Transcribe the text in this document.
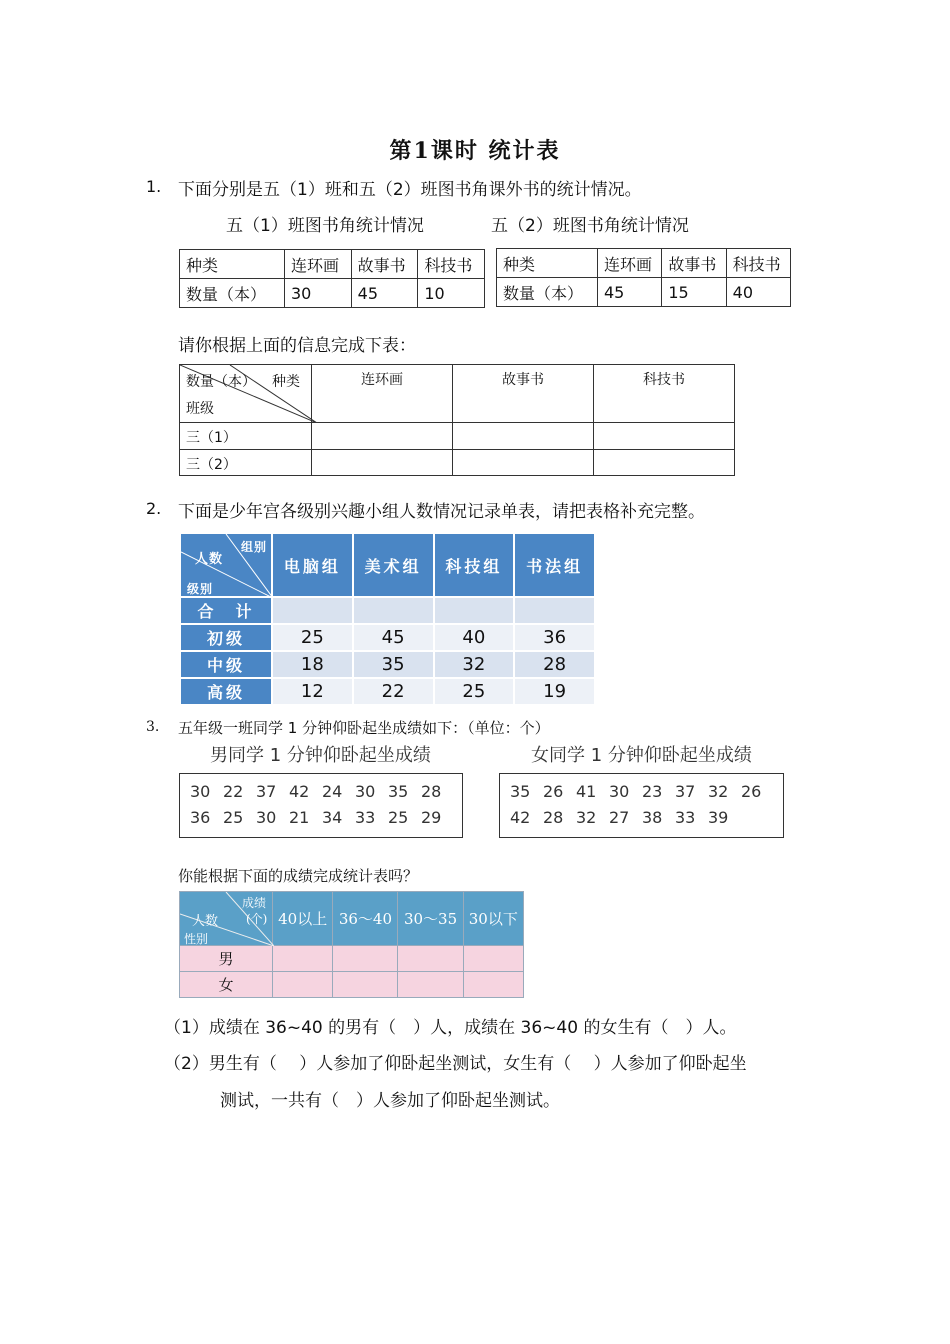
第1课时 统计表
1. 下面分别是五（1）班和五（2）班图书角课外书的统计情况。
五（1）班图书角统计情况	五（2）班图书角统计情况
种类	连环画	故事书	科技书
数量（本）	30	45	10
种类	连环画	故事书	科技书
数量（本）	45	15	40
请你根据上面的信息完成下表：
数量（本） 种类
班级	连环画	故事书	科技书
三（1）			
三（2）			
2. 下面是少年宫各级别兴趣小组人数情况记录单表，请把表格补充完整。
人数
组别
级别	电脑组	美术组	科技组	书法组
合　计				
初级	25	45	40	36
中级	18	35	32	28
高级	12	22	25	19
3. 五年级一班同学 1 分钟仰卧起坐成绩如下：（单位：个）
男同学 1 分钟仰卧起坐成绩	女同学 1 分钟仰卧起坐成绩
30 22 37 42 24 30 35 28
36 25 30 21 34 33 25 29
35 26 41 30 23 37 32 26
42 28 32 27 38 33 39
你能根据下面的成绩完成统计表吗？
成绩
(个)
人数
性别	40以上	36～40	30～35	30以下
男				
女				
（1）成绩在 36~40 的男有（　）人，成绩在 36~40 的女生有（　）人。
（2）男生有（　 ）人参加了仰卧起坐测试，女生有（　 ）人参加了仰卧起坐
测试，一共有（　）人参加了仰卧起坐测试。
